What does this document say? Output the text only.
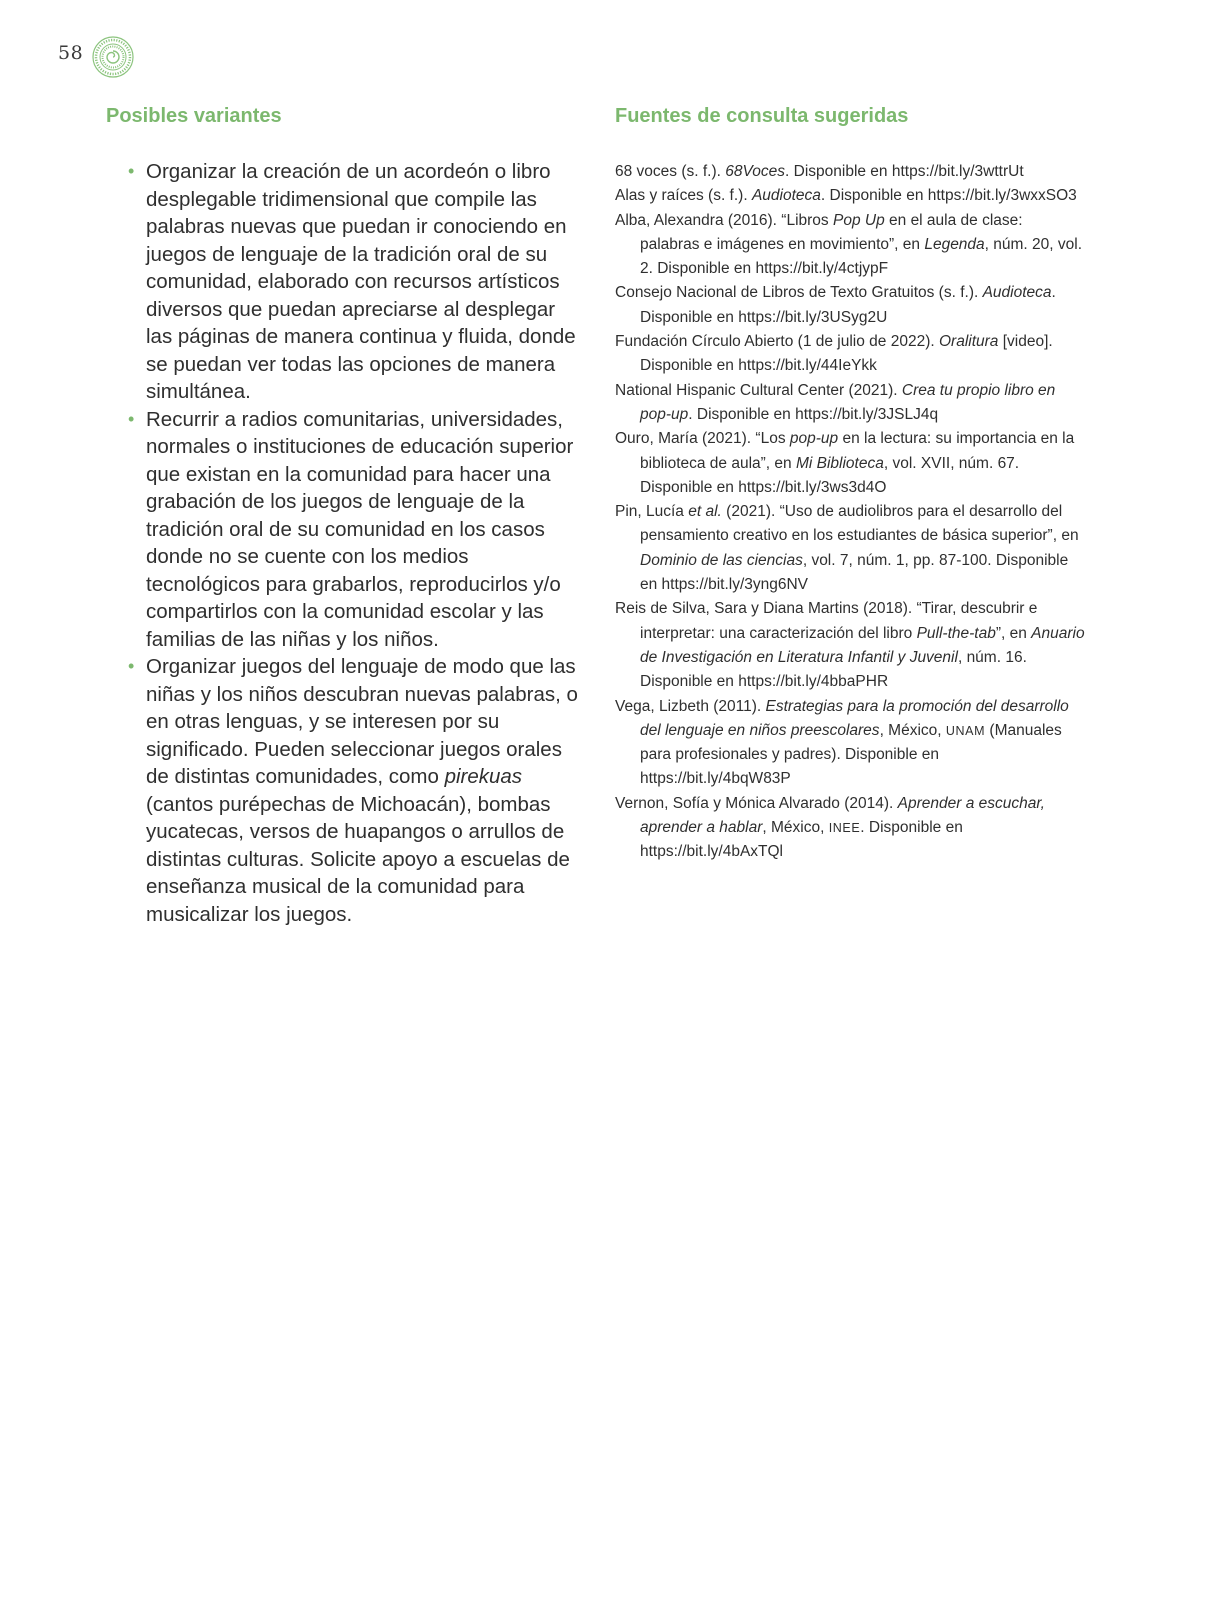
58
Posibles variantes
• Organizar la creación de un acordeón o libro desplegable tridimensional que compile las palabras nuevas que puedan ir conociendo en juegos de lenguaje de la tradición oral de su comunidad, elaborado con recursos artísticos diversos que puedan apreciarse al desplegar las páginas de manera continua y fluida, donde se puedan ver todas las opciones de manera simultánea.
• Recurrir a radios comunitarias, universidades, normales o instituciones de educación superior que existan en la comunidad para hacer una grabación de los juegos de lenguaje de la tradición oral de su comunidad en los casos donde no se cuente con los medios tecnológicos para grabarlos, reproducirlos y/o compartirlos con la comunidad escolar y las familias de las niñas y los niños.
• Organizar juegos del lenguaje de modo que las niñas y los niños descubran nuevas palabras, o en otras lenguas, y se interesen por su significado. Pueden seleccionar juegos orales de distintas comunidades, como pirekuas (cantos purépechas de Michoacán), bombas yucatecas, versos de huapangos o arrullos de distintas culturas. Solicite apoyo a escuelas de enseñanza musical de la comunidad para musicalizar los juegos.
Fuentes de consulta sugeridas

68 voces (s. f.). 68Voces. Disponible en https://bit.ly/3wttrUt

Alas y raíces (s. f.). Audioteca. Disponible en https://bit.ly/3wxxSO3

Alba, Alexandra (2016). “Libros Pop Up en el aula de clase: palabras e imágenes en movimiento”, en Legenda, núm. 20, vol. 2. Disponible en https://bit.ly/4ctjypF

Consejo Nacional de Libros de Texto Gratuitos (s. f.). Audioteca. Disponible en https://bit.ly/3USyg2U

Fundación Círculo Abierto (1 de julio de 2022). Oralitura [video]. Disponible en https://bit.ly/44IeYkk

National Hispanic Cultural Center (2021). Crea tu propio libro en pop-up. Disponible en https://bit.ly/3JSLJ4q

Ouro, María (2021). “Los pop-up en la lectura: su importancia en la biblioteca de aula”, en Mi Biblioteca, vol. XVII, núm. 67. Disponible en https://bit.ly/3ws3d4O

Pin, Lucía et al. (2021). “Uso de audiolibros para el desarrollo del pensamiento creativo en los estudiantes de básica superior”, en Dominio de las ciencias, vol. 7, núm. 1, pp. 87-100. Disponible en https://bit.ly/3yng6NV

Reis de Silva, Sara y Diana Martins (2018). “Tirar, descubrir e interpretar: una caracterización del libro Pull-the-tab”, en Anuario de Investigación en Literatura Infantil y Juvenil, núm. 16. Disponible en https://bit.ly/4bbaPHR

Vega, Lizbeth (2011). Estrategias para la promoción del desarrollo del lenguaje en niños preescolares, México, UNAM (Manuales para profesionales y padres). Disponible en https://bit.ly/4bqW83P

Vernon, Sofía y Mónica Alvarado (2014). Aprender a escuchar, aprender a hablar, México, INEE. Disponible en https://bit.ly/4bAxTQl
